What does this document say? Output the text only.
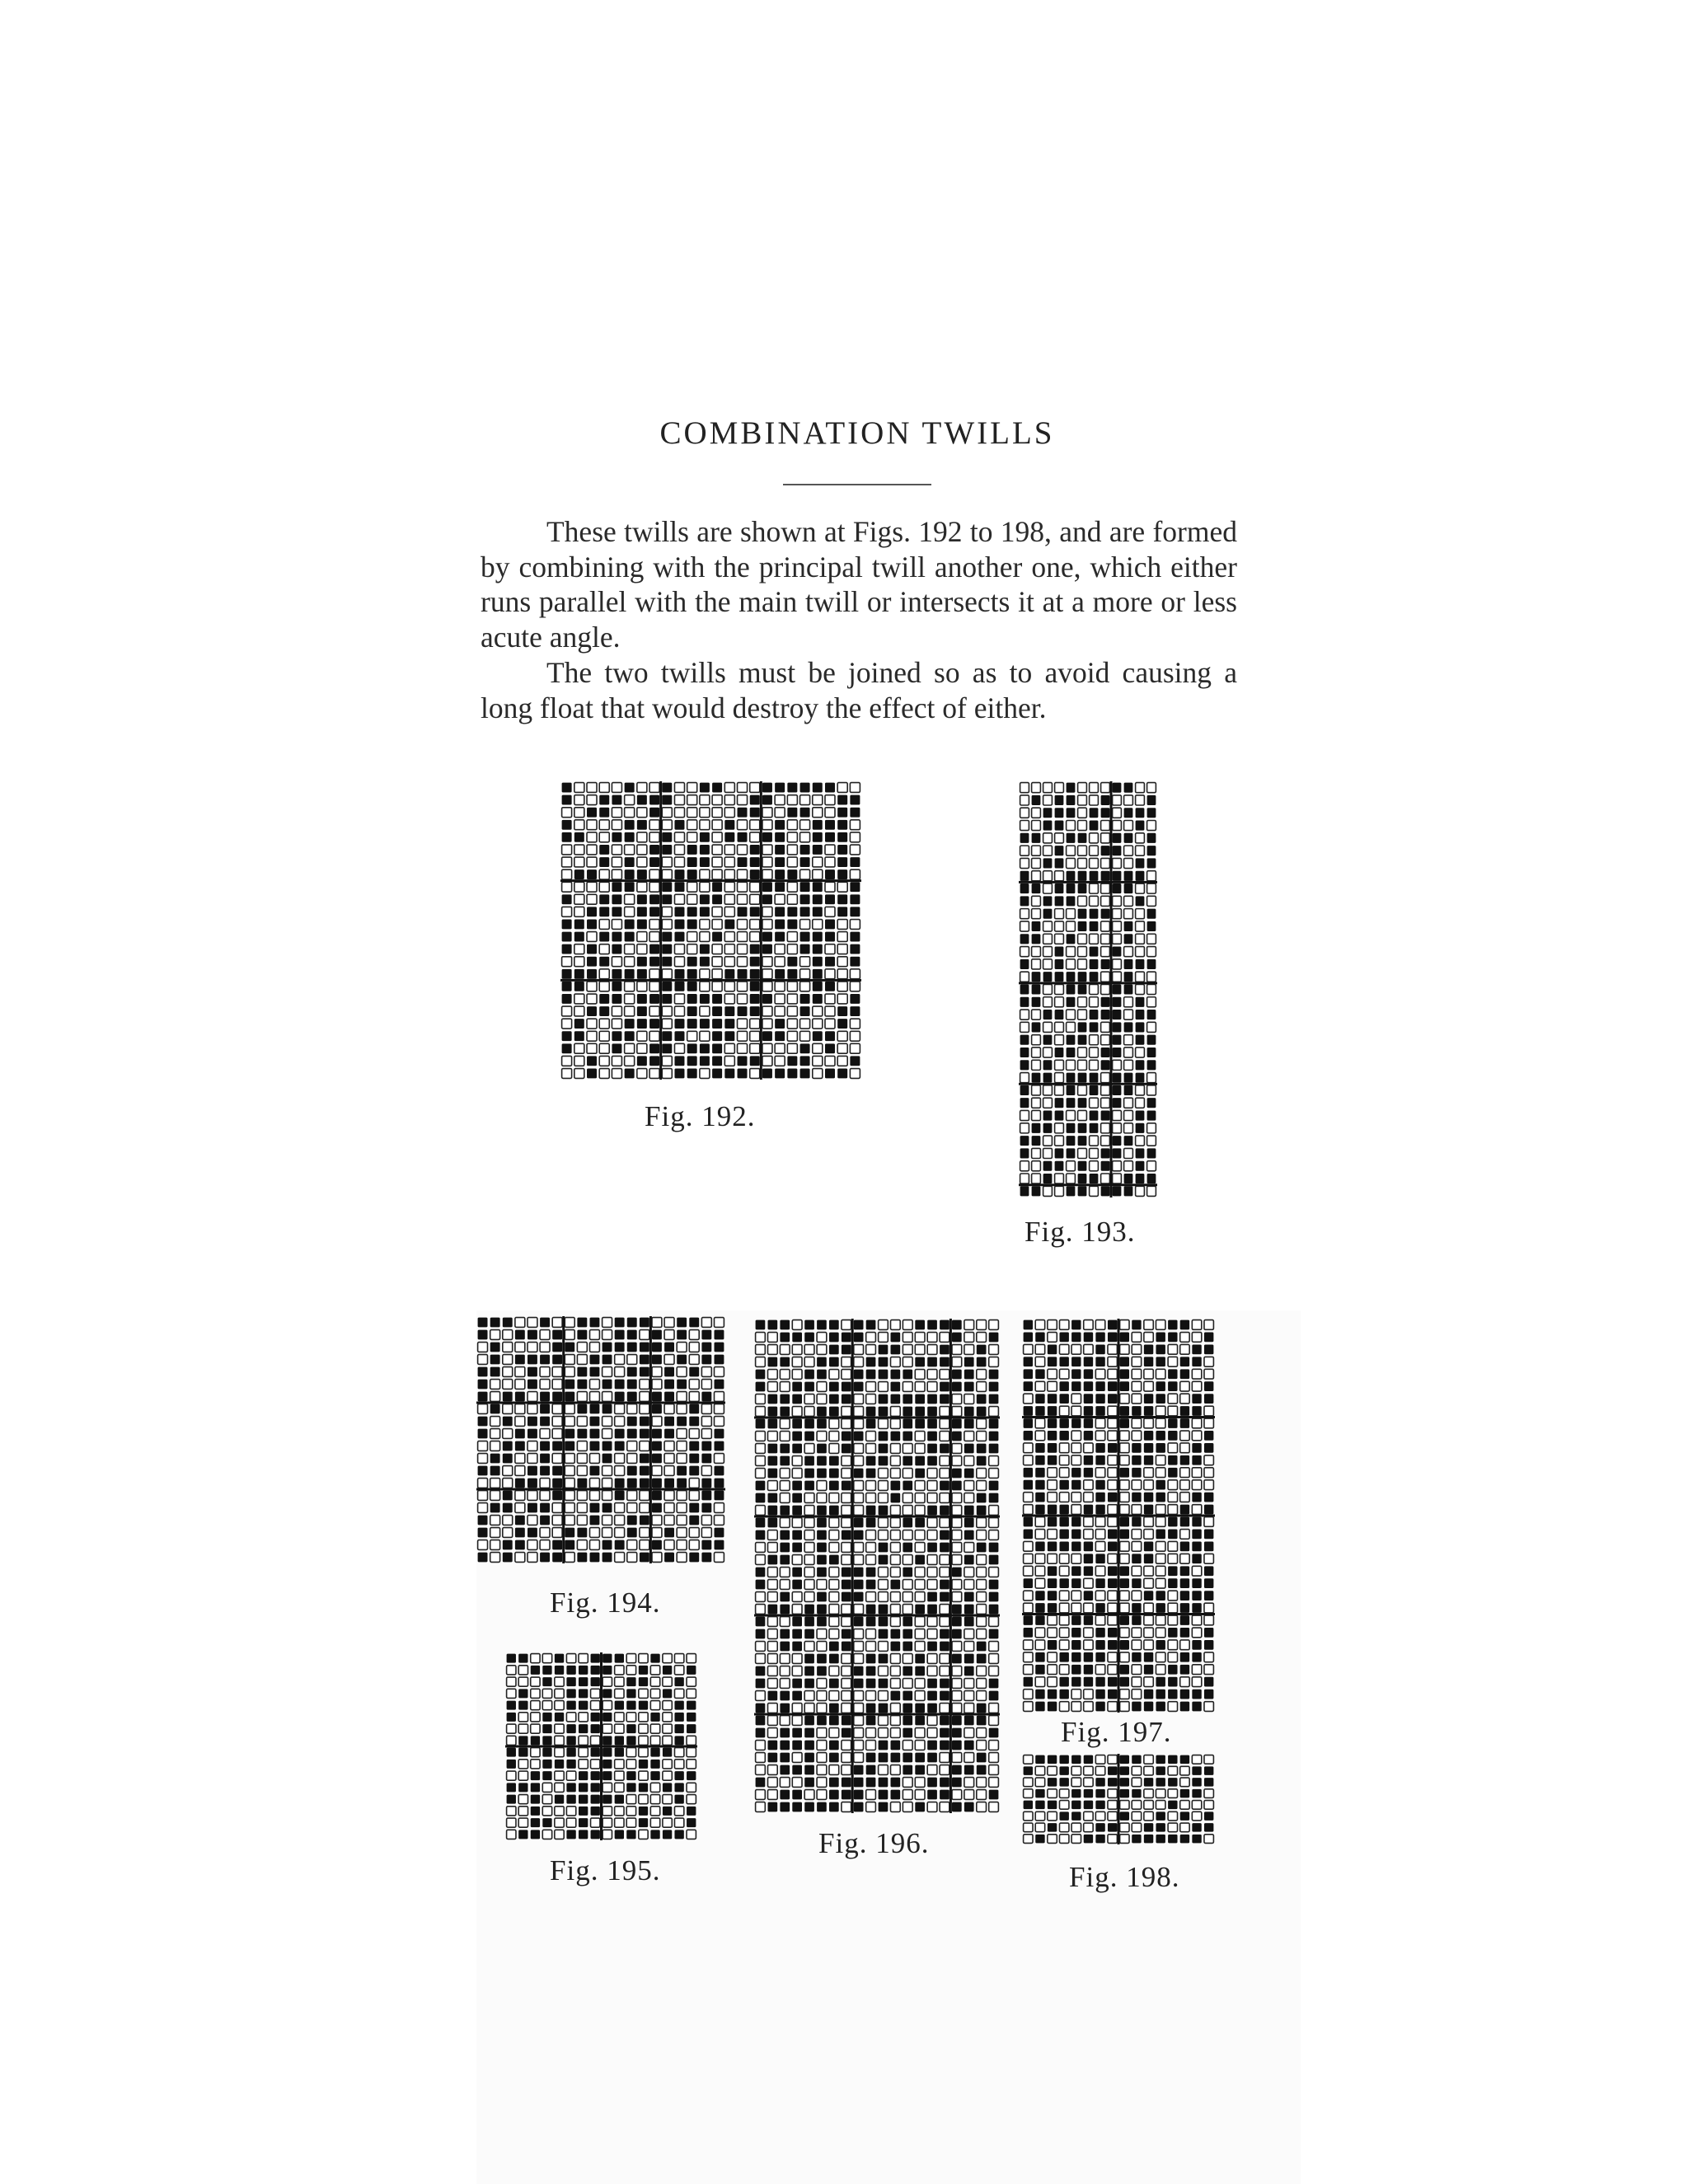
COMBINATION TWILLS
These twills are shown at Figs. 192 to 198, and are formed by combining with the principal twill another one, which either runs parallel with the main twill or intersects it at a more or less acute angle.
The two twills must be joined so as to avoid causing a long float that would destroy the effect of either.
Fig. 192.
Fig. 193.
Fig. 194.
Fig. 195.
Fig. 196.
Fig. 197.
Fig. 198.
